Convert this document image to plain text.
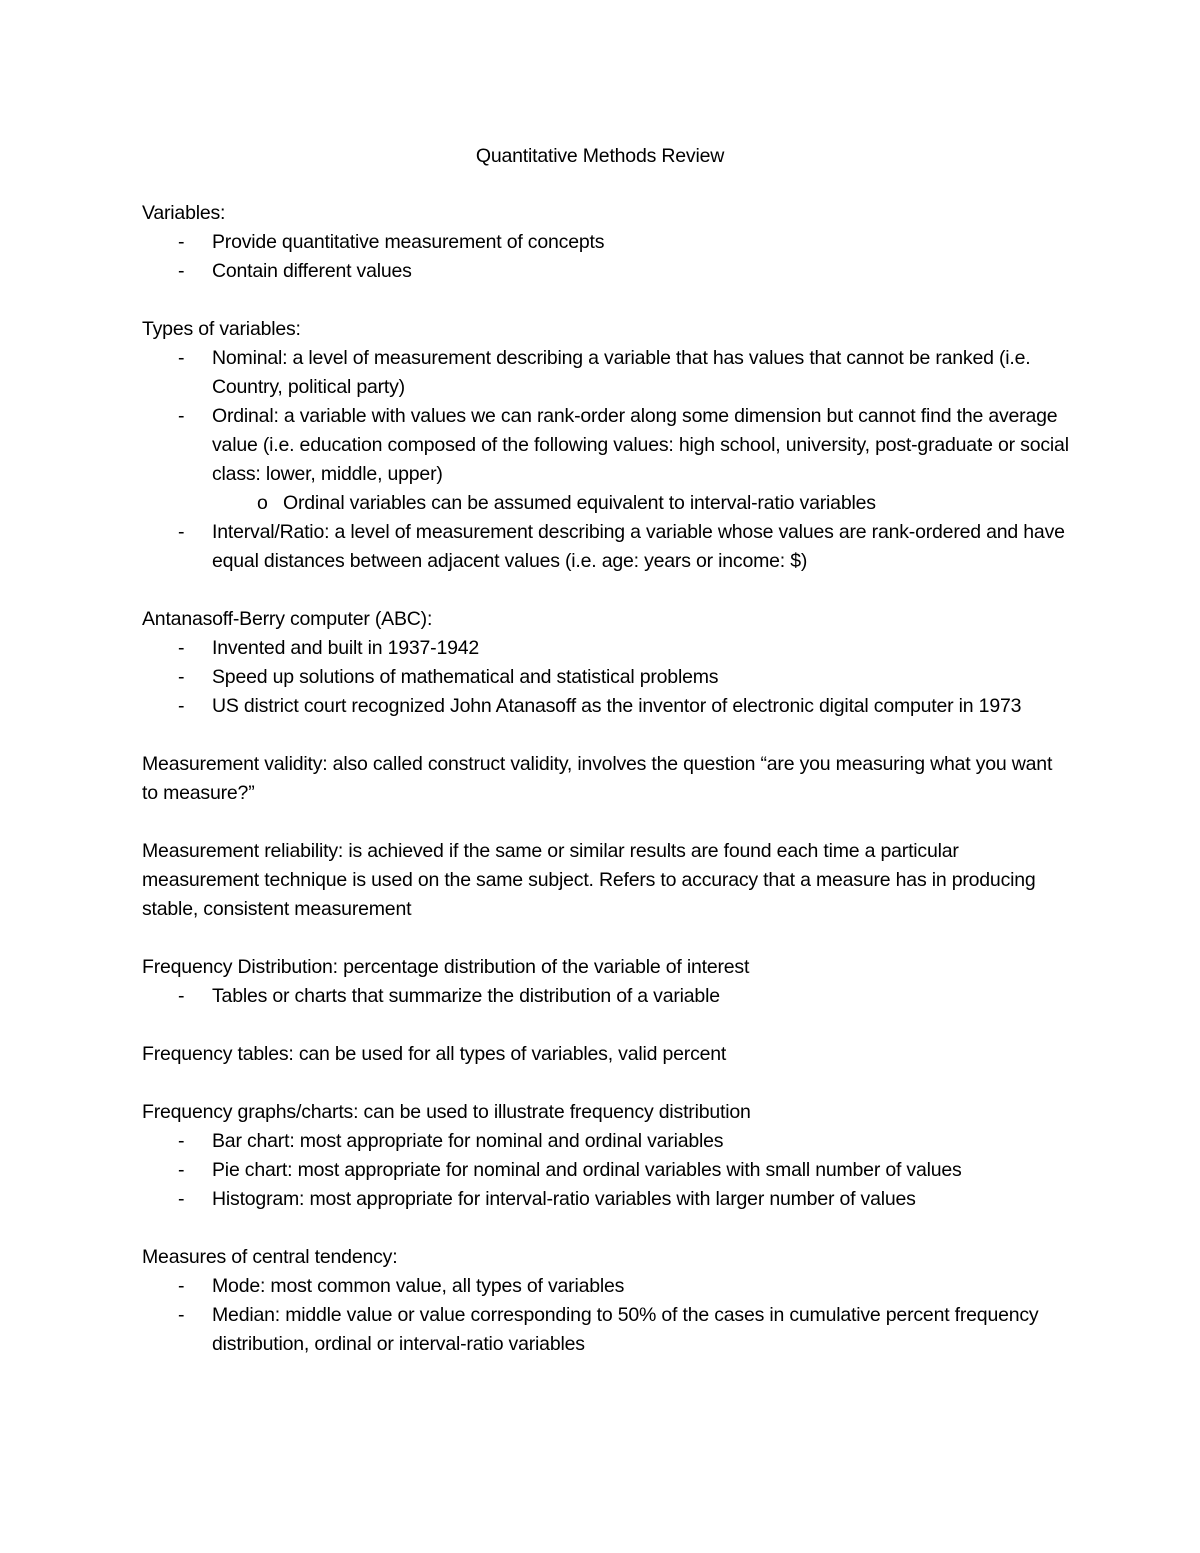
Quantitative Methods Review

Variables:

- Provide quantitative measurement of concepts
- Contain different values

Types of variables:

- Nominal: a level of measurement describing a variable that has values that cannot be ranked (i.e. Country, political party)
- Ordinal: a variable with values we can rank-order along some dimension but cannot find the average value (i.e. education composed of the following values: high school, university, post-graduate or social class: lower, middle, upper)
o Ordinal variables can be assumed equivalent to interval-ratio variables
- Interval/Ratio: a level of measurement describing a variable whose values are rank-ordered and have equal distances between adjacent values (i.e. age: years or income: $)

Antanasoff-Berry computer (ABC):

- Invented and built in 1937-1942
- Speed up solutions of mathematical and statistical problems
- US district court recognized John Atanasoff as the inventor of electronic digital computer in 1973

Measurement validity: also called construct validity, involves the question “are you measuring what you want to measure?”

Measurement reliability: is achieved if the same or similar results are found each time a particular measurement technique is used on the same subject. Refers to accuracy that a measure has in producing stable, consistent measurement

Frequency Distribution: percentage distribution of the variable of interest

- Tables or charts that summarize the distribution of a variable

Frequency tables: can be used for all types of variables, valid percent

Frequency graphs/charts: can be used to illustrate frequency distribution

- Bar chart: most appropriate for nominal and ordinal variables
- Pie chart: most appropriate for nominal and ordinal variables with small number of values
- Histogram: most appropriate for interval-ratio variables with larger number of values

Measures of central tendency:

- Mode: most common value, all types of variables
- Median: middle value or value corresponding to 50% of the cases in cumulative percent frequency distribution, ordinal or interval-ratio variables
